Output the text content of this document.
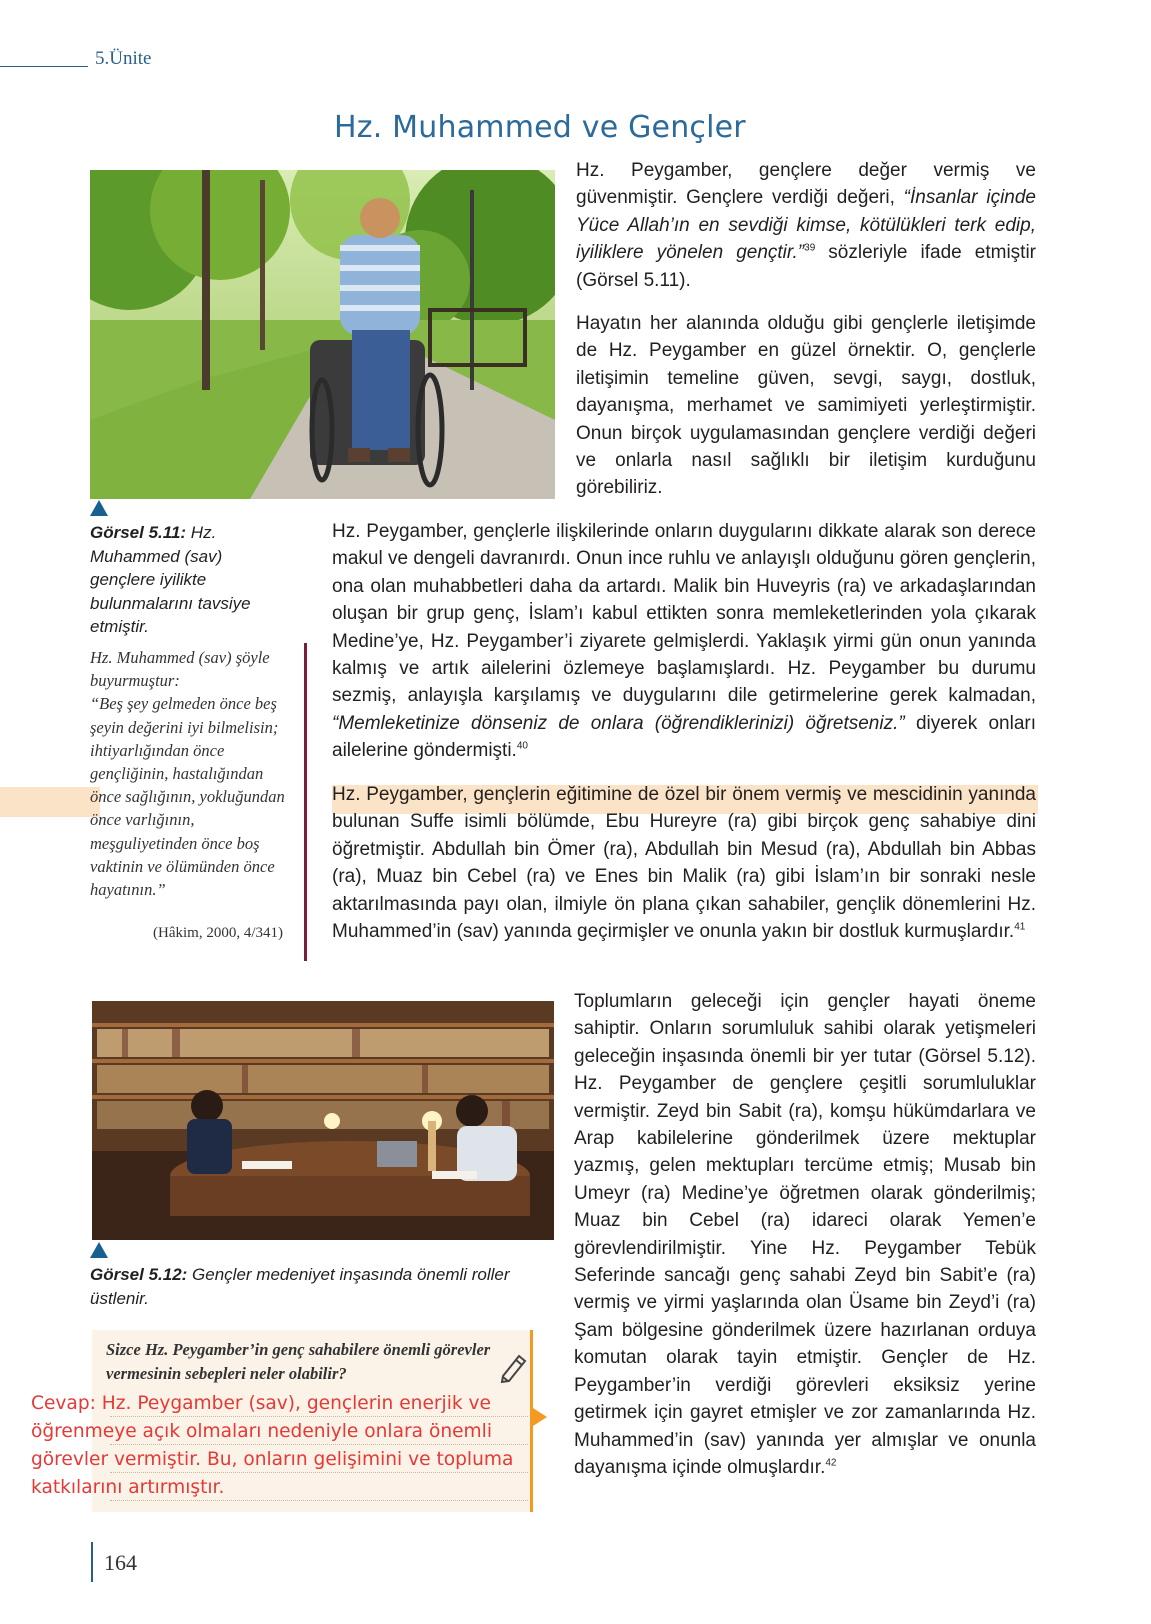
5.Ünite
Hz. Muhammed ve Gençler
Görsel 5.11: Hz. Muhammed (sav) gençlere iyilikte bulunmalarını tavsiye etmiştir.
Hz. Muhammed (sav) şöyle buyurmuştur:
“Beş şey gelmeden önce beş şeyin değerini iyi bilmelisin; ihtiyarlığından önce gençliğinin, hastalığından önce sağlığının, yokluğundan önce varlığının, meşguliyetinden önce boş vaktinin ve ölümünden önce hayatının.”
(Hâkim, 2000, 4/341)
Hz. Peygamber, gençlere değer vermiş ve güvenmiştir. Gençlere verdiği değeri, “İnsanlar içinde Yüce Allah’ın en sevdiği kimse, kötülükleri terk edip, iyiliklere yönelen gençtir.”$^{39}$ sözleriyle ifade etmiştir (Görsel 5.11).
Hayatın her alanında olduğu gibi gençlerle iletişimde de Hz. Peygamber en güzel örnektir. O, gençlerle iletişimin temeline güven, sevgi, saygı, dostluk, dayanışma, merhamet ve samimiyeti yerleştirmiştir. Onun birçok uygulamasından gençlere verdiği değeri ve onlarla nasıl sağlıklı bir iletişim kurduğunu görebiliriz.
Hz. Peygamber, gençlerle ilişkilerinde onların duygularını dikkate alarak son derece makul ve dengeli davranırdı. Onun ince ruhlu ve anlayışlı olduğunu gören gençlerin, ona olan muhabbetleri daha da artardı. Malik bin Huveyris (ra) ve arkadaşlarından oluşan bir grup genç, İslam’ı kabul ettikten sonra memleketlerinden yola çıkarak Medine’ye, Hz. Peygamber’i ziyarete gelmişlerdi. Yaklaşık yirmi gün onun yanında kalmış ve artık ailelerini özlemeye başlamışlardı. Hz. Peygamber bu durumu sezmiş, anlayışla karşılamış ve duygularını dile getirmelerine gerek kalmadan, “Memleketinize dönseniz de onlara (öğrendiklerinizi) öğretseniz.” diyerek onları ailelerine göndermişti.$^{40}$
Hz. Peygamber, gençlerin eğitimine de özel bir önem vermiş ve mescidinin yanında bulunan Suffe isimli bölümde, Ebu Hureyre (ra) gibi birçok genç sahabiye dini öğretmiştir. Abdullah bin Ömer (ra), Abdullah bin Mesud (ra), Abdullah bin Abbas (ra), Muaz bin Cebel (ra) ve Enes bin Malik (ra) gibi İslam’ın bir sonraki nesle aktarılmasında payı olan, ilmiyle ön plana çıkan sahabiler, gençlik dönemlerini Hz. Muhammed’in (sav) yanında geçirmişler ve onunla yakın bir dostluk kurmuşlardır.$^{41}$
Görsel 5.12: Gençler medeniyet inşasında önemli roller üstlenir.
Toplumların geleceği için gençler hayati öneme sahiptir. Onların sorumluluk sahibi olarak yetişmeleri geleceğin inşasında önemli bir yer tutar (Görsel 5.12). Hz. Peygamber de gençlere çeşitli sorumluluklar vermiştir. Zeyd bin Sabit (ra), komşu hükümdarlara ve Arap kabilelerine gönderilmek üzere mektuplar yazmış, gelen mektupları tercüme etmiş; Musab bin Umeyr (ra) Medine’ye öğretmen olarak gönderilmiş; Muaz bin Cebel (ra) idareci olarak Yemen’e görevlendirilmiştir. Yine Hz. Peygamber Tebük Seferinde sancağı genç sahabi Zeyd bin Sabit’e (ra) vermiş ve yirmi yaşlarında olan Üsame bin Zeyd’i (ra) Şam bölgesine gönderilmek üzere hazırlanan orduya komutan olarak tayin etmiştir. Gençler de Hz. Peygamber’in verdiği görevleri eksiksiz yerine getirmek için gayret etmişler ve zor zamanlarında Hz. Muhammed’in (sav) yanında yer almışlar ve onunla dayanışma içinde olmuşlardır.$^{42}$
Sizce Hz. Peygamber’in genç sahabilere önemli görevler vermesinin sebepleri neler olabilir?
Cevap: Hz. Peygamber (sav), gençlerin enerjik ve öğrenmeye açık olmaları nedeniyle onlara önemli görevler vermiştir. Bu, onların gelişimini ve topluma katkılarını artırmıştır.
164
